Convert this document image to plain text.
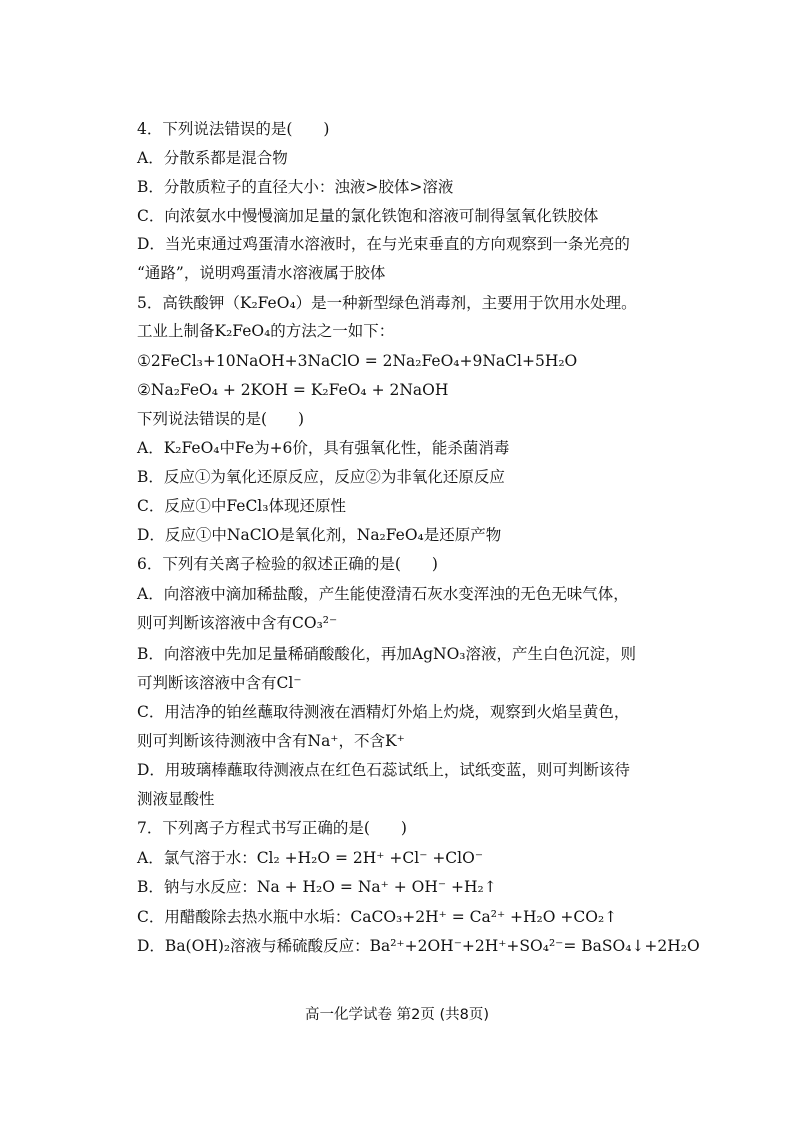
4．下列说法错误的是(　　)
A．分散系都是混合物
B．分散质粒子的直径大小：浊液>胶体>溶液
C．向浓氨水中慢慢滴加足量的氯化铁饱和溶液可制得氢氧化铁胶体
D．当光束通过鸡蛋清水溶液时，在与光束垂直的方向观察到一条光亮的
“通路”，说明鸡蛋清水溶液属于胶体
5．高铁酸钾（K₂FeO₄）是一种新型绿色消毒剂，主要用于饮用水处理。
工业上制备K₂FeO₄的方法之一如下：
①2FeCl₃+10NaOH+3NaClO = 2Na₂FeO₄+9NaCl+5H₂O
②Na₂FeO₄ + 2KOH = K₂FeO₄ + 2NaOH
下列说法错误的是(　　)
A．K₂FeO₄中Fe为+6价，具有强氧化性，能杀菌消毒
B．反应①为氧化还原反应，反应②为非氧化还原反应
C．反应①中FeCl₃体现还原性
D．反应①中NaClO是氧化剂，Na₂FeO₄是还原产物
6．下列有关离子检验的叙述正确的是(　　)
A．向溶液中滴加稀盐酸，产生能使澄清石灰水变浑浊的无色无味气体，
则可判断该溶液中含有CO₃²⁻
B．向溶液中先加足量稀硝酸酸化，再加AgNO₃溶液，产生白色沉淀，则
可判断该溶液中含有Cl⁻
C．用洁净的铂丝蘸取待测液在酒精灯外焰上灼烧，观察到火焰呈黄色，
则可判断该待测液中含有Na⁺，不含K⁺
D．用玻璃棒蘸取待测液点在红色石蕊试纸上，试纸变蓝，则可判断该待
测液显酸性
7．下列离子方程式书写正确的是(　　)
A．氯气溶于水：Cl₂ +H₂O = 2H⁺ +Cl⁻ +ClO⁻
B．钠与水反应：Na + H₂O = Na⁺ + OH⁻ +H₂↑
C．用醋酸除去热水瓶中水垢：CaCO₃+2H⁺ = Ca²⁺ +H₂O +CO₂↑
D．Ba(OH)₂溶液与稀硫酸反应：Ba²⁺+2OH⁻+2H⁺+SO₄²⁻= BaSO₄↓+2H₂O
高一化学试卷 第2页 (共8页)
